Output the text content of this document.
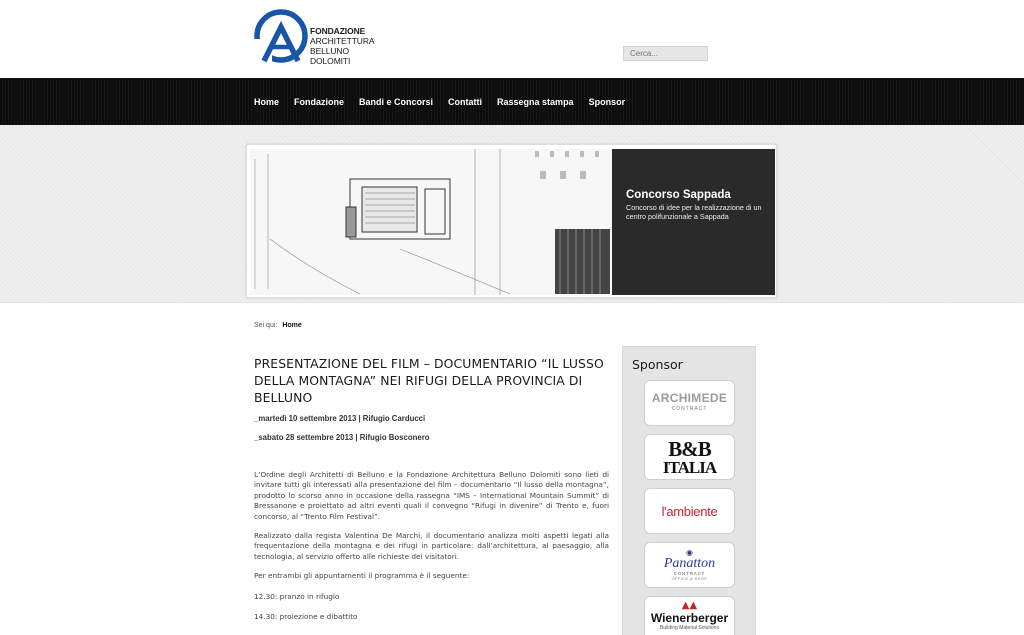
FONDAZIONE
ARCHITETTURA
BELLUNO
DOLOMITI
Cerca...
Home Fondazione Bandi e Concorsi Contatti Rassegna stampa Sponsor
Concorso Sappada
Concorso di idee per la realizzazione di un centro polifunzionale a Sappada
Sei qui: Home
PRESENTAZIONE DEL FILM – DOCUMENTARIO “IL LUSSO DELLA MONTAGNA” NEI RIFUGI DELLA PROVINCIA DI BELLUNO
_martedì 10 settembre 2013 | Rifugio Carducci
_sabato 28 settembre 2013 | Rifugio Bosconero

L’Ordine degli Architetti di Belluno e la Fondazione Architettura Belluno Dolomiti sono lieti di invitare tutti gli interessati alla presentazione del film – documentario “Il lusso della montagna”, prodotto lo scorso anno in occasione della rassegna “IMS – International Mountain Summit” di Bressanone e proiettato ad altri eventi quali il convegno “Rifugi in divenire” di Trento e, fuori concorso, al “Trento Film Festival”.

Realizzato dalla regista Valentina De Marchi, il documentario analizza molti aspetti legati alla frequentazione della montagna e dei rifugi in particolare: dall’architettura, al paesaggio, alla tecnologia, al servizio offerto alle richieste dei visitatori.

Per entrambi gli appuntamenti il programma è il seguente:

12.30: pranzo in rifugio

14.30: proiezione e dibattito

Sponsor
ARCHIMEDE
CONTRACT
B&B
ITALIA
l'ambiente
◉
Panatton
CONTRACT
OFFICE & SHOP
▲▲
Wienerberger
Building Material Solutions
